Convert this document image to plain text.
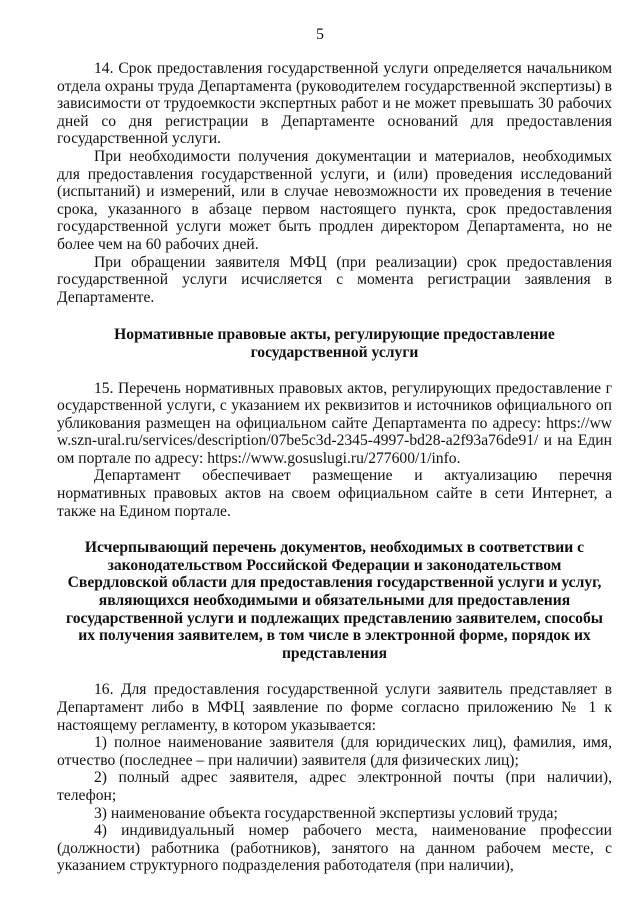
5

14. Срок предоставления государственной услуги определяется начальником отдела охраны труда Департамента (руководителем государственной экспертизы) в зависимости от трудоемкости экспертных работ и не может превышать 30 рабочих дней со дня регистрации в Департаменте оснований для предоставления государственной услуги.

При необходимости получения документации и материалов, необходимых для предоставления государственной услуги, и (или) проведения исследований (испытаний) и измерений, или в случае невозможности их проведения в течение срока, указанного в абзаце первом настоящего пункта, срок предоставления государственной услуги может быть продлен директором Департамента, но не более чем на 60 рабочих дней.

При обращении заявителя МФЦ (при реализации) срок предоставления государственной услуги исчисляется с момента регистрации заявления в Департаменте.

Нормативные правовые акты, регулирующие предоставление государственной услуги

15. Перечень нормативных правовых актов, регулирующих предоставление государственной услуги, с указанием их реквизитов и источников официального опубликования размещен на официальном сайте Департамента по адресу: https://www.szn-ural.ru/services/description/07be5c3d-2345-4997-bd28-a2f93a76de91/ и на Едином портале по адресу: https://www.gosuslugi.ru/277600/1/info.

Департамент обеспечивает размещение и актуализацию перечня нормативных правовых актов на своем официальном сайте в сети Интернет, а также на Едином портале.

Исчерпывающий перечень документов, необходимых в соответствии с законодательством Российской Федерации и законодательством Свердловской области для предоставления государственной услуги и услуг, являющихся необходимыми и обязательными для предоставления государственной услуги и подлежащих представлению заявителем, способы их получения заявителем, в том числе в электронной форме, порядок их представления

16. Для предоставления государственной услуги заявитель представляет в Департамент либо в МФЦ заявление по форме согласно приложению № 1 к настоящему регламенту, в котором указывается:

1) полное наименование заявителя (для юридических лиц), фамилия, имя, отчество (последнее – при наличии) заявителя (для физических лиц);

2) полный адрес заявителя, адрес электронной почты (при наличии), телефон;

3) наименование объекта государственной экспертизы условий труда;

4) индивидуальный номер рабочего места, наименование профессии (должности) работника (работников), занятого на данном рабочем месте, с указанием структурного подразделения работодателя (при наличии),
